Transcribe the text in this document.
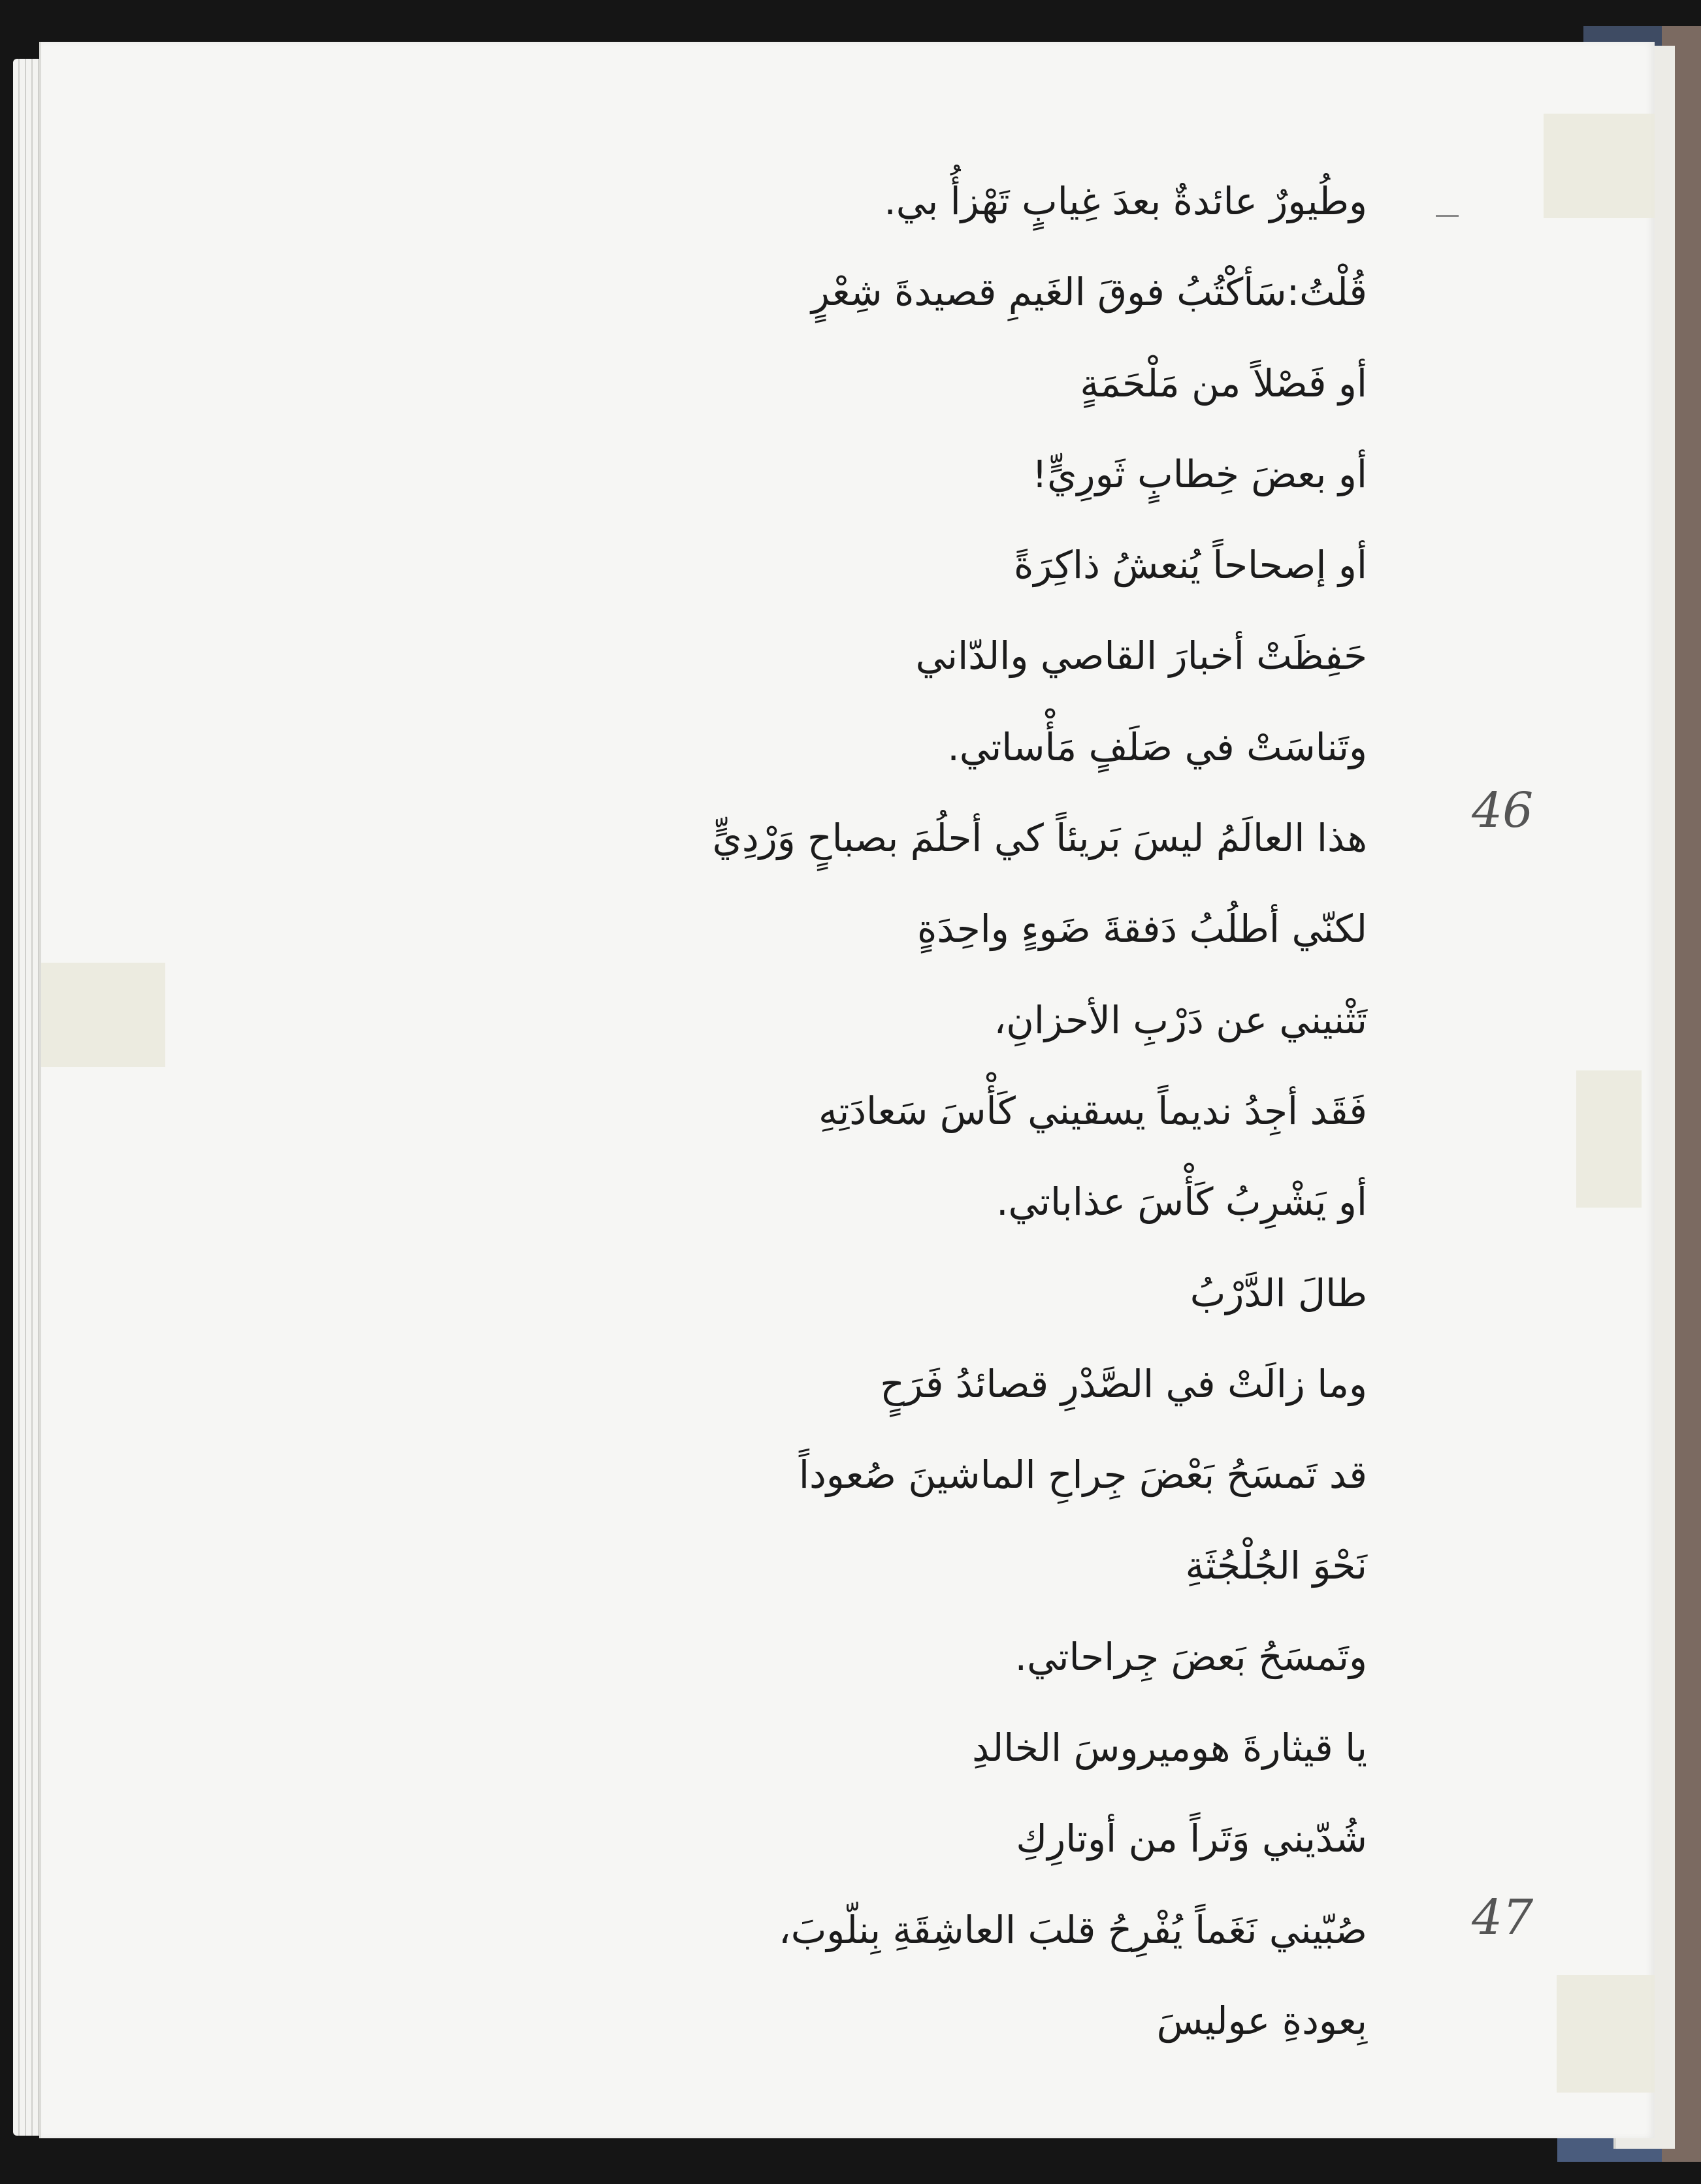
وطُيورٌ عائدةٌ بعدَ غِيابٍ تَهْزأُ بي.
قُلْتُ:سَأكْتُبُ فوقَ الغَيمِ قصيدةَ شِعْرٍ
أو فَصْلاً من مَلْحَمَةٍ
أو بعضَ خِطابٍ ثَورِيٍّ!
أو إصحاحاً يُنعشُ ذاكِرَةً
حَفِظَتْ أخبارَ القاصي والدّاني
وتَناسَتْ في صَلَفٍ مَأْساتي.
هذا العالَمُ ليسَ بَريئاً كي أحلُمَ بصباحٍ وَرْدِيٍّ
لكنّي أطلُبُ دَفقةَ ضَوءٍ واحِدَةٍ
تَثْنيني عن دَرْبِ الأحزانِ،
فَقَد أجِدُ نديماً يسقيني كَأْسَ سَعادَتِهِ
أو يَشْرِبُ كَأْسَ عذاباتي.
طالَ الدَّرْبُ
وما زالَتْ في الصَّدْرِ قصائدُ فَرَحٍ
قد تَمسَحُ بَعْضَ جِراحِ الماشينَ صُعوداً
نَحْوَ الجُلْجُثَةِ
وتَمسَحُ بَعضَ جِراحاتي.
يا قيثارةَ هوميروسَ الخالدِ
شُدّيني وَتَراً من أوتارِكِ
صُبّيني نَغَماً يُفْرِحُ قلبَ العاشِقَةِ بِنلّوبَ،
بِعودةِ عوليسَ
46
47
